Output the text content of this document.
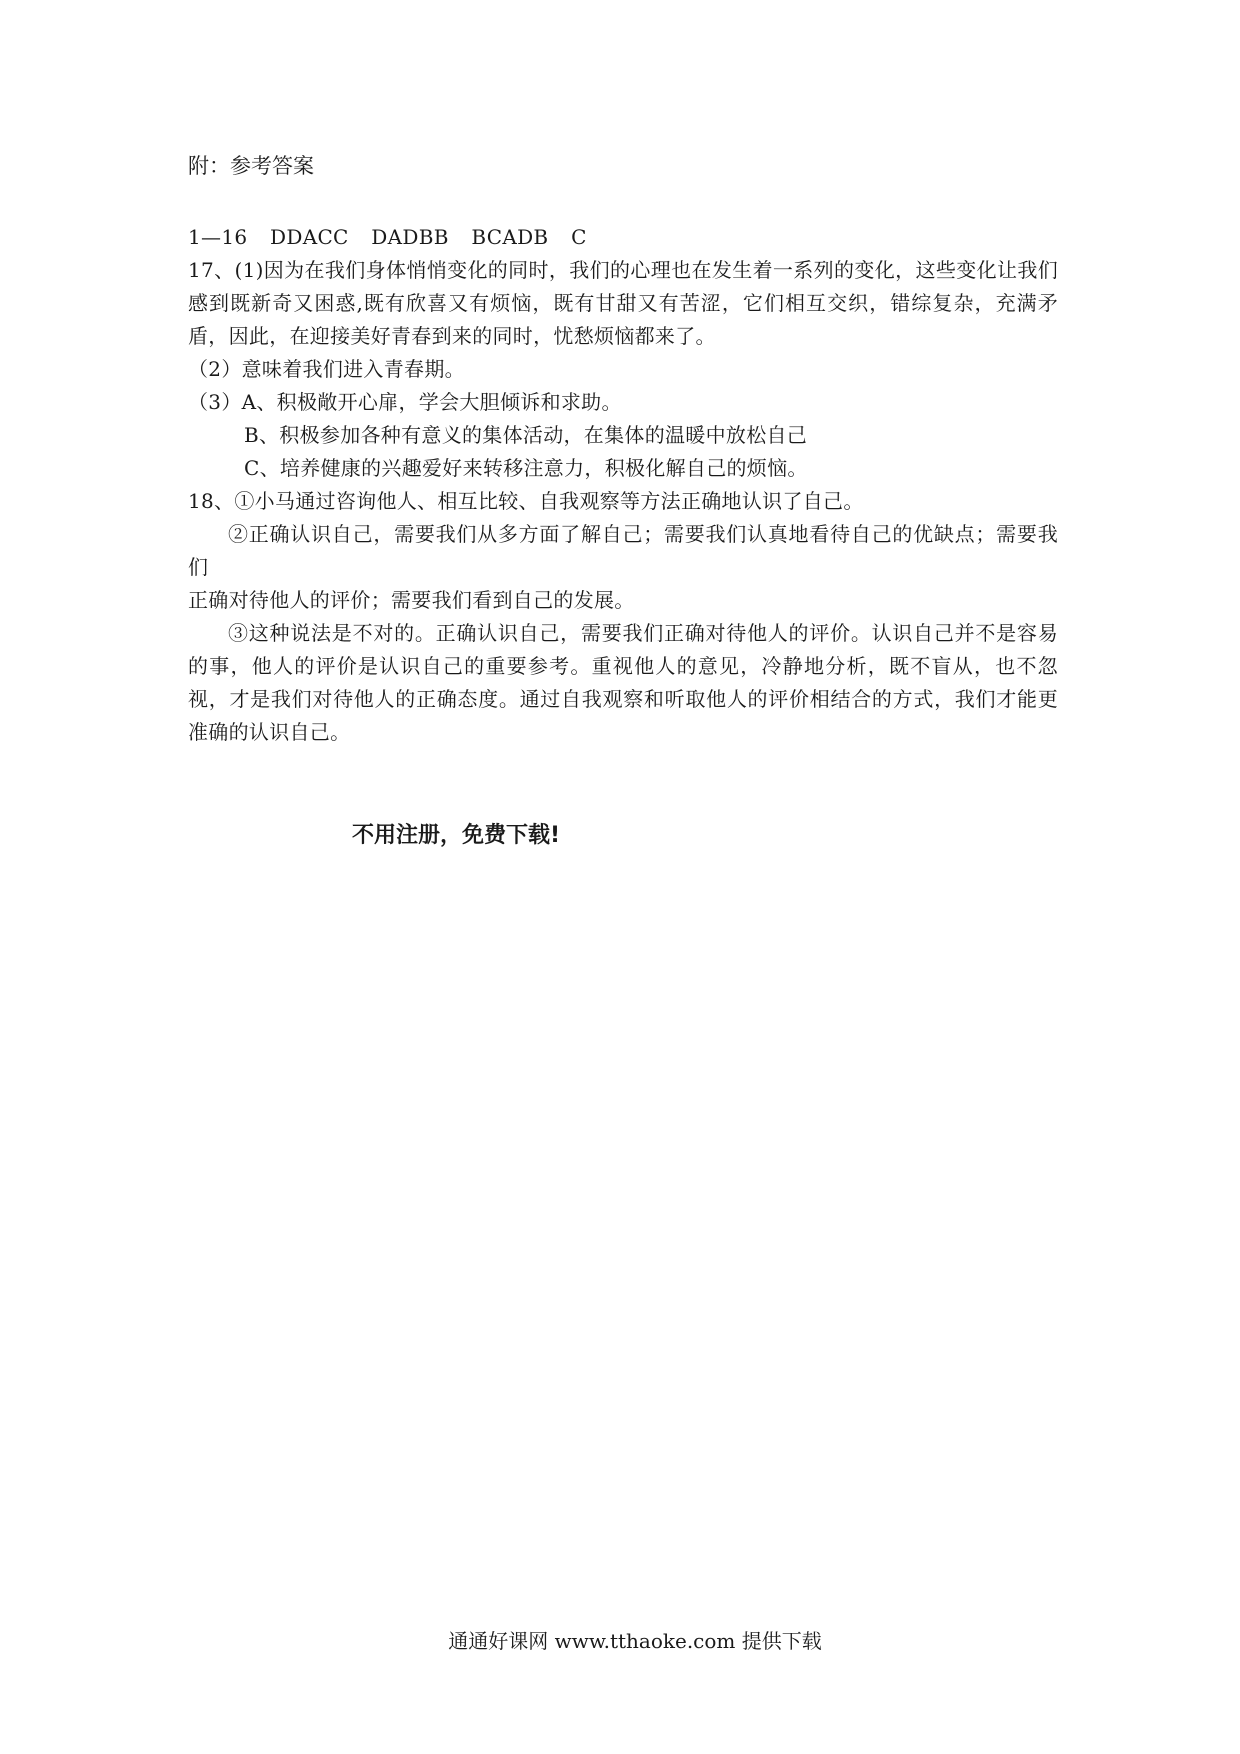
附：参考答案

1—16 DDACC DADBB BCADB C

17、(1)因为在我们身体悄悄变化的同时，我们的心理也在发生着一系列的变化，这些变化让我们感到既新奇又困惑,既有欣喜又有烦恼，既有甘甜又有苦涩，它们相互交织，错综复杂，充满矛盾，因此，在迎接美好青春到来的同时，忧愁烦恼都来了。

（2）意味着我们进入青春期。

（3）A、积极敞开心扉，学会大胆倾诉和求助。

B、积极参加各种有意义的集体活动，在集体的温暖中放松自己

C、培养健康的兴趣爱好来转移注意力，积极化解自己的烦恼。

18、①小马通过咨询他人、相互比较、自我观察等方法正确地认识了自己。

②正确认识自己，需要我们从多方面了解自己；需要我们认真地看待自己的优缺点；需要我们

正确对待他人的评价；需要我们看到自己的发展。

③这种说法是不对的。正确认识自己，需要我们正确对待他人的评价。认识自己并不是容易的事，他人的评价是认识自己的重要参考。重视他人的意见，冷静地分析，既不盲从，也不忽视，才是我们对待他人的正确态度。通过自我观察和听取他人的评价相结合的方式，我们才能更准确的认识自己。

不用注册，免费下载!
通通好课网 www.tthaoke.com 提供下载
